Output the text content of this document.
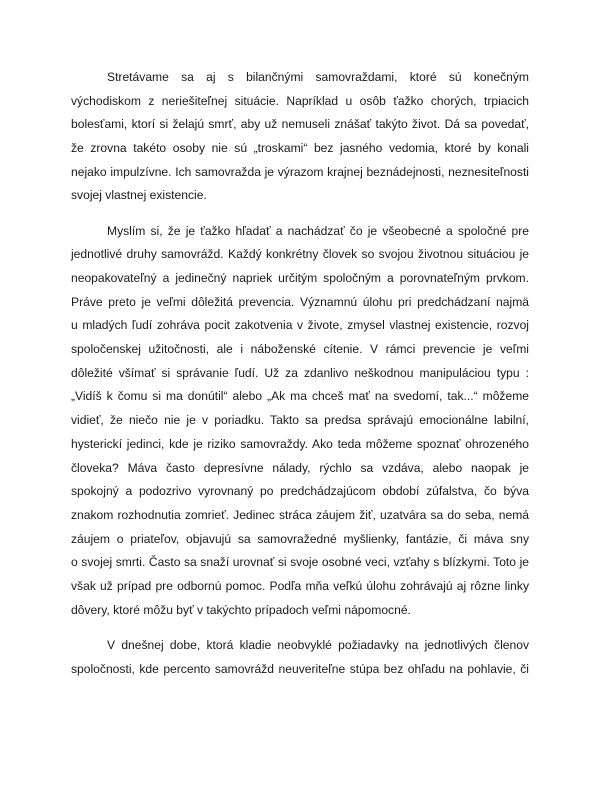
Stretávame sa aj s bilančnými samovraždami, ktoré sú konečným
východiskom z neriešiteľnej situácie. Napríklad u osôb ťažko chorých, trpiacich
bolesťami, ktorí si želajú smrť, aby už nemuseli znášať takýto život. Dá sa povedať,
že zrovna takéto osoby nie sú „troskami“ bez jasného vedomia, ktoré by konali
nejako impulzívne. Ich samovražda je výrazom krajnej beznádejnosti, neznesiteľnosti
svojej vlastnej existencie.

Myslím si, že je ťažko hľadať a nachádzať čo je všeobecné a spoločné pre
jednotlivé druhy samovrážd. Každý konkrétny človek so svojou životnou situáciou je
neopakovateľný a jedinečný napriek určitým spoločným a porovnateľným prvkom.
Práve preto je veľmi dôležitá prevencia. Významnú úlohu pri predchádzaní najmä
u mladých ľudí zohráva pocit zakotvenia v živote, zmysel vlastnej existencie, rozvoj
spoločenskej užitočnosti, ale i náboženské cítenie. V rámci prevencie je veľmi
dôležité všímať si správanie ľudí. Už za zdanlivo neškodnou manipuláciou typu :
„Vidíš k čomu si ma donútil“ alebo „Ak ma chceš mať na svedomí, tak...“ môžeme
vidieť, že niečo nie je v poriadku. Takto sa predsa správajú emocionálne labilní,
hysterickí jedinci, kde je riziko samovraždy. Ako teda môžeme spoznať ohrozeného
človeka? Máva často depresívne nálady, rýchlo sa vzdáva, alebo naopak je
spokojný a podozrivo vyrovnaný po predchádzajúcom období zúfalstva, čo býva
znakom rozhodnutia zomrieť. Jedinec stráca záujem žiť, uzatvára sa do seba, nemá
záujem o priateľov, objavujú sa samovražedné myšlienky, fantázie, či máva sny
o svojej smrti. Často sa snaží urovnať si svoje osobné veci, vzťahy s blízkymi. Toto je
však už prípad pre odbornú pomoc. Podľa mňa veľkú úlohu zohrávajú aj rôzne linky
dôvery, ktoré môžu byť v takýchto prípadoch veľmi nápomocné.

V dnešnej dobe, ktorá kladie neobvyklé požiadavky na jednotlivých členov
spoločnosti, kde percento samovrážd neuveriteľne stúpa bez ohľadu na pohlavie, či
